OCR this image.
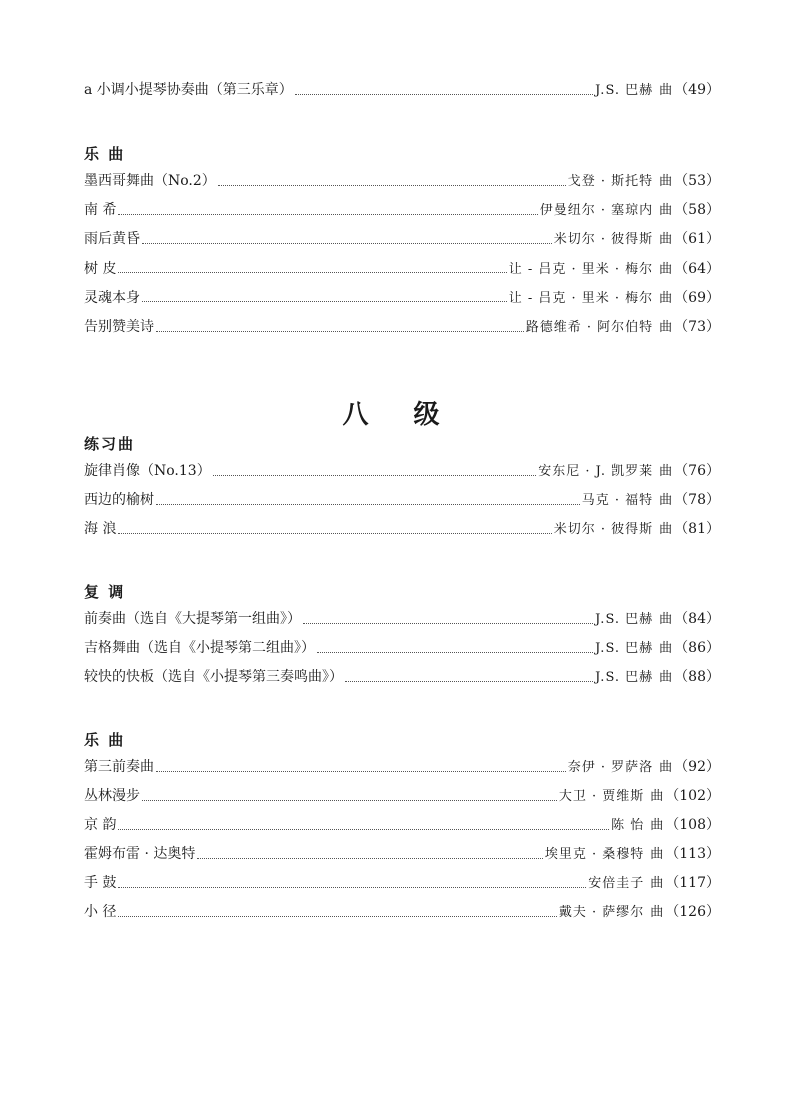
a 小调小提琴协奏曲（第三乐章）	J.S. 巴赫 曲 （49）
乐 曲
墨西哥舞曲（No.2）	戈登 · 斯托特 曲 （53）
南 希	伊曼纽尔 · 塞琼内 曲 （58）
雨后黄昏	米切尔 · 彼得斯 曲 （61）
树 皮	让 - 吕克 · 里米 · 梅尔 曲 （64）
灵魂本身	让 - 吕克 · 里米 · 梅尔 曲 （69）
告别赞美诗	路德维希 · 阿尔伯特 曲 （73）
八 级
练习曲
旋律肖像（No.13）	安东尼 · J. 凯罗莱 曲 （76）
西边的榆树	马克 · 福特 曲 （78）
海 浪	米切尔 · 彼得斯 曲 （81）
复 调
前奏曲（选自《大提琴第一组曲》）	J.S. 巴赫 曲 （84）
吉格舞曲（选自《小提琴第二组曲》）	J.S. 巴赫 曲 （86）
较快的快板（选自《小提琴第三奏鸣曲》）	J.S. 巴赫 曲 （88）
乐 曲
第三前奏曲	奈伊 · 罗萨洛 曲 （92）
丛林漫步	大卫 · 贾维斯 曲 （102）
京 韵	陈 怡 曲 （108）
霍姆布雷 · 达奥特	埃里克 · 桑穆特 曲 （113）
手 鼓	安倍圭子 曲 （117）
小 径	戴夫 · 萨缪尔 曲 （126）
